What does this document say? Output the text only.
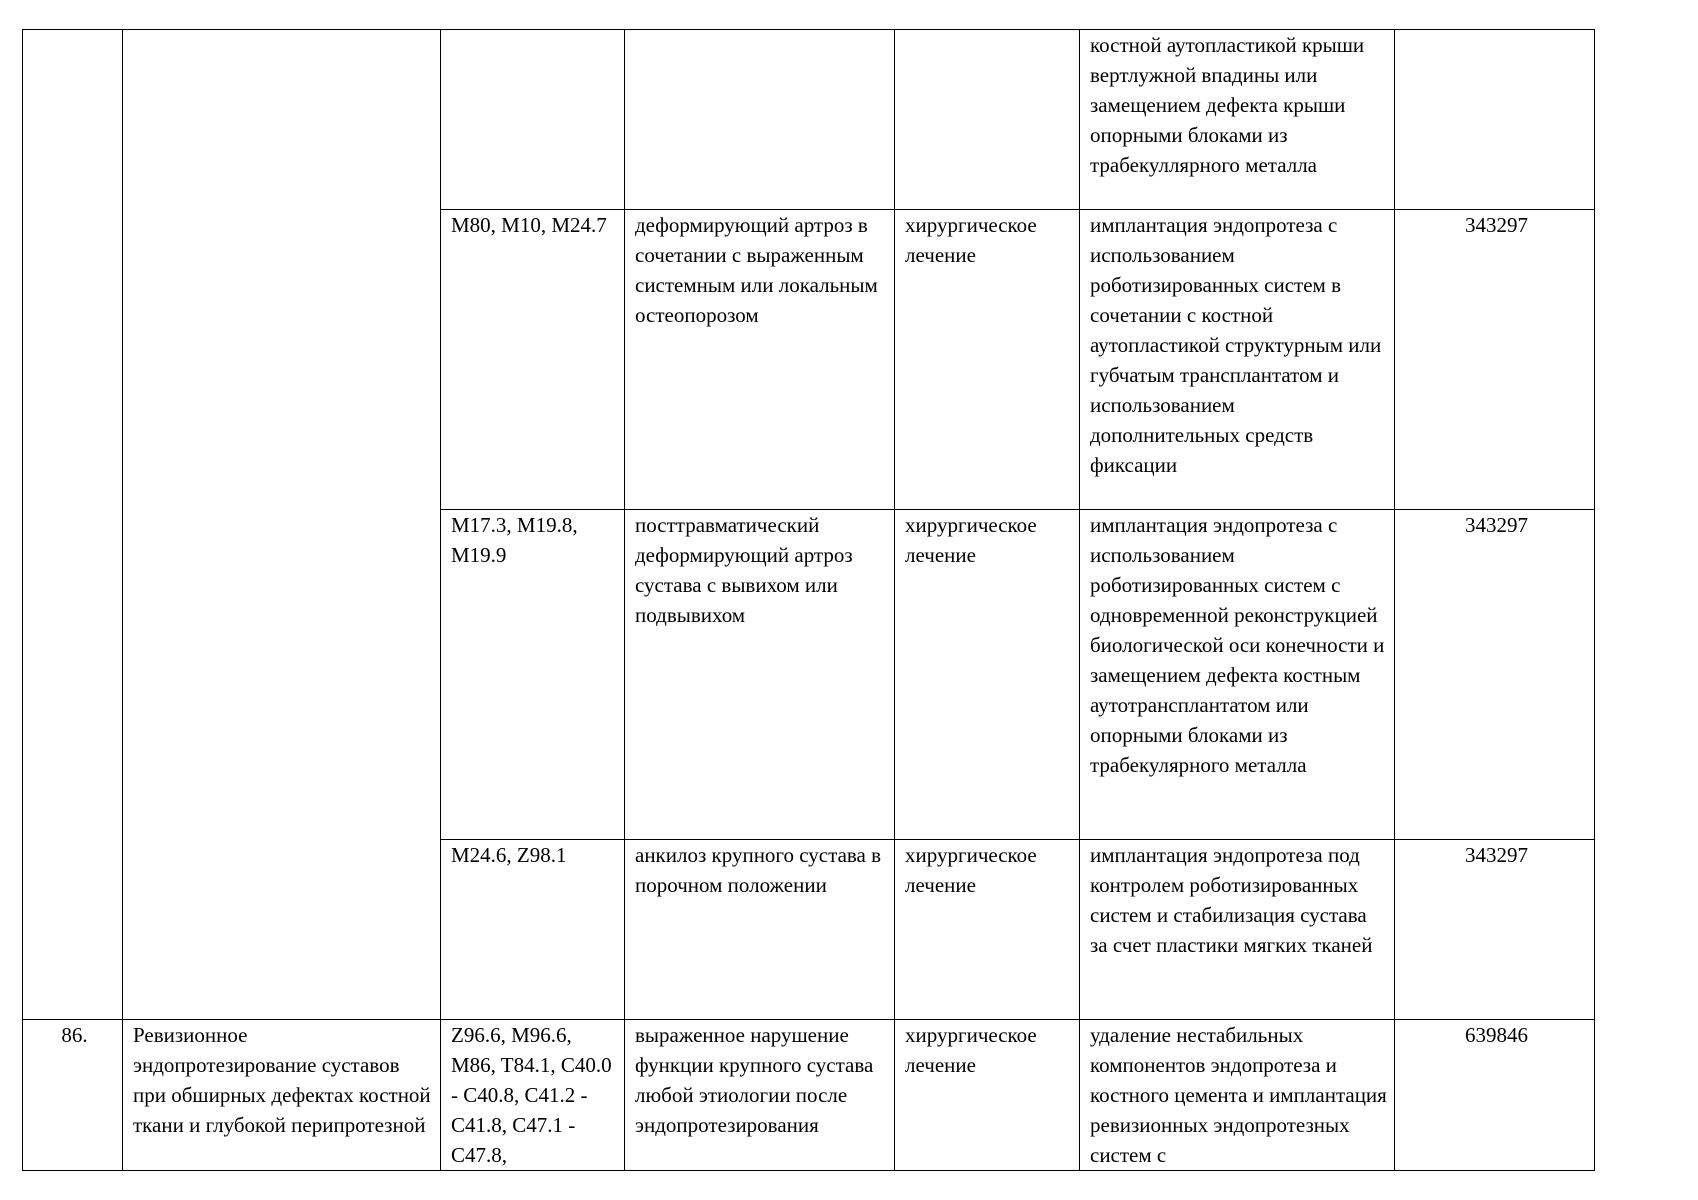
					костной аутопластикой крыши вертлужной впадины или замещением дефекта крыши опорными блоками из трабекуллярного металла	
		M80, M10, M24.7	деформирующий артроз в сочетании с выраженным системным или локальным остеопорозом	хирургическое лечение	имплантация эндопротеза с использованием роботизированных систем в сочетании с костной аутопластикой структурным или губчатым трансплантатом и использованием дополнительных средств фиксации	343297
		M17.3, M19.8, M19.9	посттравматический деформирующий артроз сустава с вывихом или подвывихом	хирургическое лечение	имплантация эндопротеза с использованием роботизированных систем с одновременной реконструкцией биологической оси конечности и замещением дефекта костным аутотрансплантатом или опорными блоками из трабекулярного металла	343297
		M24.6, Z98.1	анкилоз крупного сустава в порочном положении	хирургическое лечение	имплантация эндопротеза под контролем роботизированных систем и стабилизация сустава за счет пластики мягких тканей	343297
86.	Ревизионное эндопротезирование суставов при обширных дефектах костной ткани и глубокой перипротезной	Z96.6, M96.6, M86, T84.1, C40.0 - C40.8, C41.2 - C41.8, C47.1 - C47.8,	выраженное нарушение функции крупного сустава любой этиологии после эндопротезирования	хирургическое лечение	удаление нестабильных компонентов эндопротеза и костного цемента и имплантация ревизионных эндопротезных систем с	639846
